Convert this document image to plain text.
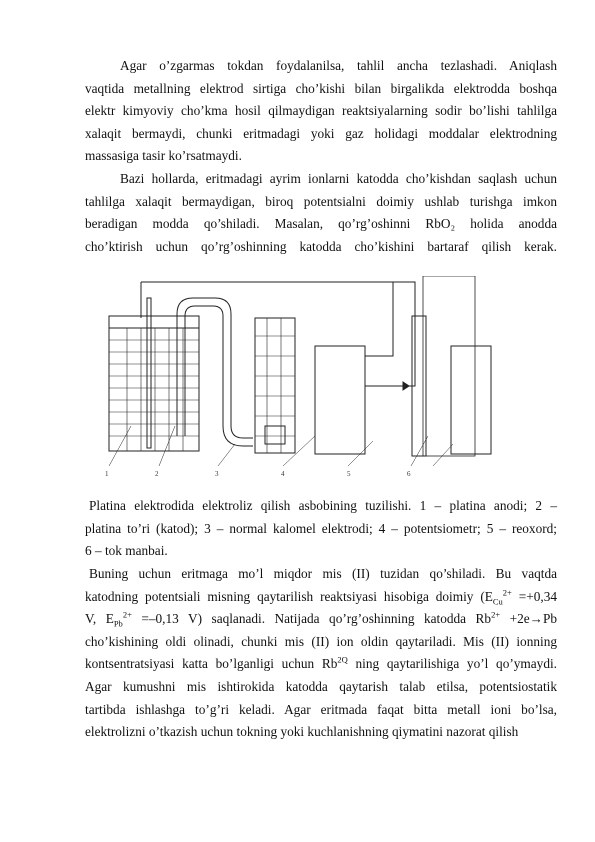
Agar o’zgarmas tokdan foydalanilsa, tahlil ancha tezlashadi. Aniqlash
vaqtida metallning elektrod sirtiga cho’kishi bilan birgalikda elektrodda boshqa
elektr kimyoviy cho’kma hosil qilmaydigan reaktsiyalarning sodir bo’lishi tahlilga
xalaqit bermaydi, chunki eritmadagi yoki gaz holidagi moddalar elektrodning
massasiga tasir ko’rsatmaydi.

Bazi hollarda, eritmadagi ayrim ionlarni katodda cho’kishdan saqlash uchun
tahlilga xalaqit bermaydigan, biroq potentsialni doimiy ushlab turishga imkon
beradigan modda qo’shiladi. Masalan, qo’rg’oshinni RbO₂ holida anodda
cho’ktirish uchun qo’rg’oshinning katodda cho’kishini bartaraf qilish kerak.

1	2	3	4	5	6

Platina elektrodida elektroliz qilish asbobining tuzilishi. 1 – platina anodi; 2 –
platina to’ri (katod); 3 – normal kalomel elektrodi; 4 – potentsiometr; 5 – reoxord;
6 – tok manbai.

Buning uchun eritmaga mo’l miqdor mis (II) tuzidan qo’shiladi. Bu vaqtda
katodning potentsiali misning qaytarilish reaktsiyasi hisobiga doimiy ($E_{Cu}^{2+} =+0,34$
V, $E_{Pb}^{2+} =-0,13$ V) saqlanadi. Natijada qo’rg’oshinning katodda $Rb^{2+} +2e\to Pb$
cho’kishining oldi olinadi, chunki mis (II) ion oldin qaytariladi. Mis (II) ionning
kontsentratsiyasi katta bo’lganligi uchun $Rb^{2Q}$ ning qaytarilishiga yo’l qo’ymaydi.
Agar kumushni mis ishtirokida katodda qaytarish talab etilsa, potentsiostatik
tartibda ishlashga to’g’ri keladi. Agar eritmada faqat bitta metall ioni bo’lsa,
elektrolizni o’tkazish uchun tokning yoki kuchlanishning qiymatini nazorat qilish
